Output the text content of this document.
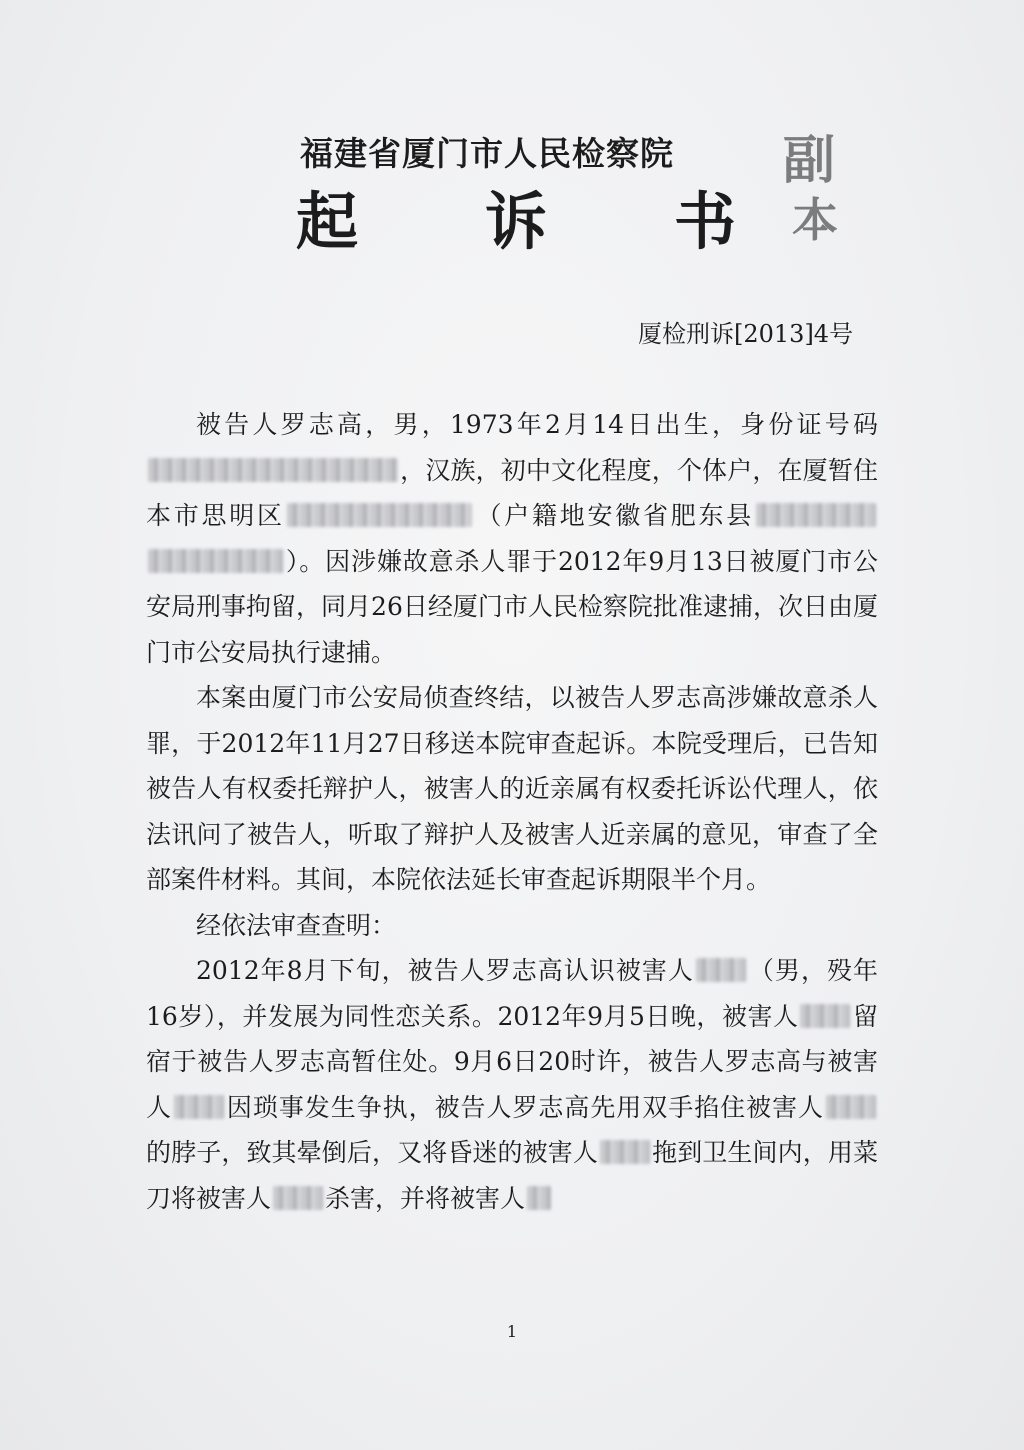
副
本
福建省厦门市人民检察院
起 诉 书
厦检刑诉[2013]4号

被告人罗志高，男，1973年2月14日出生，身份证号码，汉族，初中文化程度，个体户，在厦暂住本市思明区	（户籍地安徽省肥东县）。因涉嫌故意杀人罪于2012年9月13日被厦门市公安局刑事拘留，同月26日经厦门市人民检察院批准逮捕，次日由厦门市公安局执行逮捕。

本案由厦门市公安局侦查终结，以被告人罗志高涉嫌故意杀人罪，于2012年11月27日移送本院审查起诉。本院受理后，已告知被告人有权委托辩护人，被害人的近亲属有权委托诉讼代理人，依法讯问了被告人，听取了辩护人及被害人近亲属的意见，审查了全部案件材料。其间，本院依法延长审查起诉期限半个月。

经依法审查查明：

2012年8月下旬，被告人罗志高认识被害人 （男，殁年16岁），并发展为同性恋关系。2012年9月5日晚，被害人 留宿于被告人罗志高暂住处。9月6日20时许，被告人罗志高与被害人 因琐事发生争执，被告人罗志高先用双手掐住被害人的脖子，致其晕倒后，又将昏迷的被害人 拖到卫生间内，用菜刀将被害人 杀害，并将被害人

1
